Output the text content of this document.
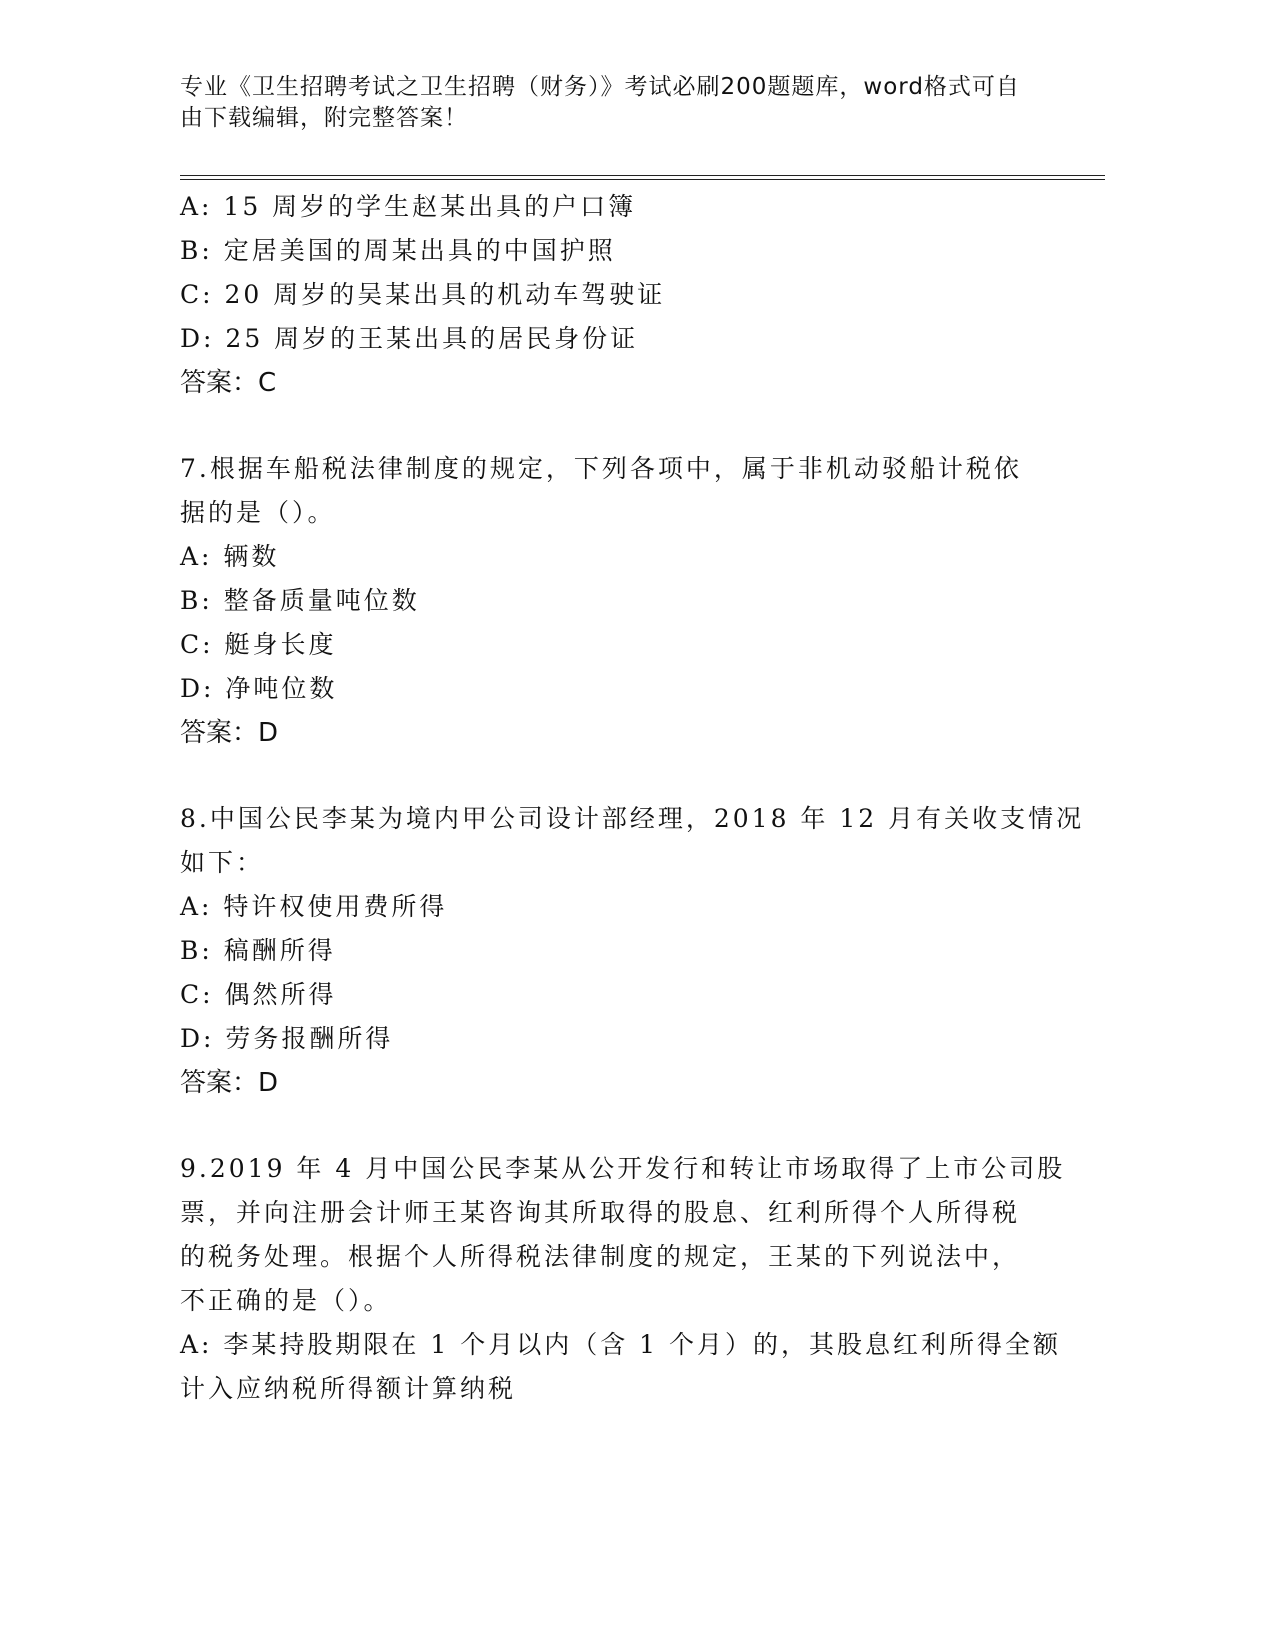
专业《卫生招聘考试之卫生招聘（财务）》考试必刷200题题库，word格式可自
由下载编辑，附完整答案！
A: 15 周岁的学生赵某出具的户口簿
B: 定居美国的周某出具的中国护照
C: 20 周岁的吴某出具的机动车驾驶证
D: 25 周岁的王某出具的居民身份证
答案：C
7.根据车船税法律制度的规定，下列各项中，属于非机动驳船计税依
据的是（）。
A: 辆数
B: 整备质量吨位数
C: 艇身长度
D: 净吨位数
答案：D
8.中国公民李某为境内甲公司设计部经理，2018 年 12 月有关收支情况
如下：
A: 特许权使用费所得
B: 稿酬所得
C: 偶然所得
D: 劳务报酬所得
答案：D
9.2019 年 4 月中国公民李某从公开发行和转让市场取得了上市公司股
票，并向注册会计师王某咨询其所取得的股息、红利所得个人所得税
的税务处理。根据个人所得税法律制度的规定，王某的下列说法中，
不正确的是（）。
A: 李某持股期限在 1 个月以内（含 1 个月）的，其股息红利所得全额
计入应纳税所得额计算纳税
